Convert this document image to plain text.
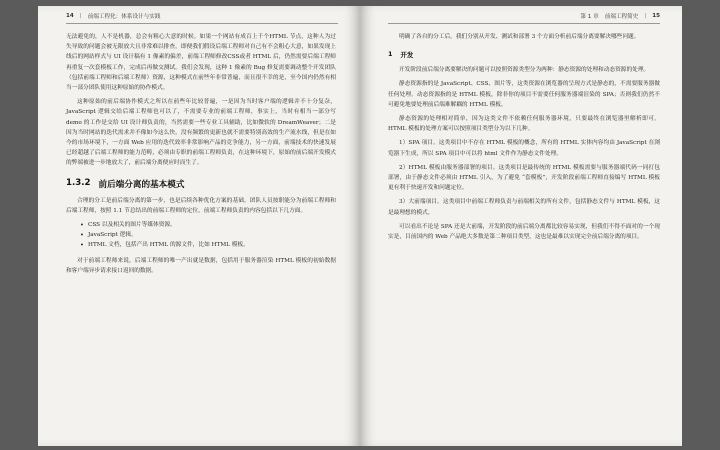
14 | 前端工程化：体系设计与实践

无法避免的，人不是机器，总会有粗心大意的时候。如果一个网站有成百上千个HTML 节点，这种人为过失导致的问题会被无限放大且非常难以排查。即便我们假设后端工程师对自己有不会粗心大意，如果发现上线后的网站样式与 UI 设计稿有 1 像素的偏差，前端工程师修改CSS或者 HTML 后，仍然需要后端工程师再重复一次套模板工作，完成后再做交测试。我们会发现，这种 1 像素的 Bug 修复需要调动整个开发团队（包括前端工程师和后端工程师）资源，这种模式在前些年非常普遍，而且很不幸的是，至今国内仍然有相当一部分团队使用这种原始的协作模式。

这种原始的前后端协作模式之所以在前些年比较普遍，一是因为当时客户端的逻辑并不十分复杂，JavaScript 逻辑交给后端工程师也可以了，不需要专业的前端工程师，事实上，当时有相当一部分写 demo 的工作是交给 UI 设计师负责的，当然需要一些专业工具辅助，比如微软的 DreamWeaver；二是因为当时网站的迭代需求并不像如今这么快，没有频繁的更新也就不需要特别高效的生产流水线，但是在如今的市场环境下，一方面 Web 应用的迭代效率非常影响产品的竞争能力，另一方面，前端技术的快速发展已经超越了后端工程师的能力范畴，必须由专职的前端工程师负责，在这种环境下，原始的前后端开发模式的弊端被进一步地放大了，前后端分离便应时而生了。

1.3.2 前后端分离的基本模式

合理的分工是前后端分离的第一步，也是后续各种优化方案的基础。团队人员按职能分为前端工程师和后端工程师，按照 1.1 节总结出的前端工程师的定位，前端工程师负责的内容包括以下几方面。

• CSS 以及相关的图片等媒体资源。
• JavaScript 逻辑。
• HTML 文档，包括产出 HTML 的源文件，比如 HTML 模板。

对于前端工程师来说，后端工程师的唯一产出就是数据，包括用于服务器渲染 HTML 模板的初始数据和客户端异步请求接口返回的数据。

第 1 章 前端工程简史 | 15

明确了各自的分工后，我们分别从开发、测试和部署 3 个方面分析前后端分离要解决哪些问题。

1 开发

开发阶段前后端分离要解决的问题可以按照资源类型分为两种：静态资源的处理和动态资源的处理。

静态资源指的是 JavaScript、CSS、图片等，这类资源在浏览器的呈现方式是静态的，不需要服务器做任何处理。动态资源指的是 HTML 模板，除非你的项目不需要任何服务器端渲染的 SPA；否则我们仍然不可避免地要处理前后端难解耦的 HTML 模板。

静态资源的处理相对简单，因为这类文件不依赖任何服务器环境，只要最终在浏览器里解析即可。HTML 模板的处理方案可以按照项目类型分为以下几种。

1）SPA 项目。这类项目中不存在 HTML 模板的概念，所有的 HTML 实体内容均由 JavaScript 在浏览器下生成，所以 SPA 项目中可以将 html 文件作为静态文件处理。

2）HTML 模板由服务器部署的项目。这类项目是最传统的 HTML 模板需要与服务器端代码一同打包部署，由于静态文件必须由 HTML 引入，为了避免 “套模板”，开发阶段前端工程师直接编写 HTML 模板更有利于快速开发和问题定位。

3）大前端项目。这类项目中前端工程师负责与前端相关的所有文件，包括静态文件与 HTML 模板，这是最理想的模式。

可以看出不论是 SPA 还是大前端，开发阶段的前后端分离都比较容易实现，但我们不得不面对的一个现实是，目前国内的 Web 产品绝大多数是第二种项目类型，这也是最难以实现完全前后端分离的项目。
